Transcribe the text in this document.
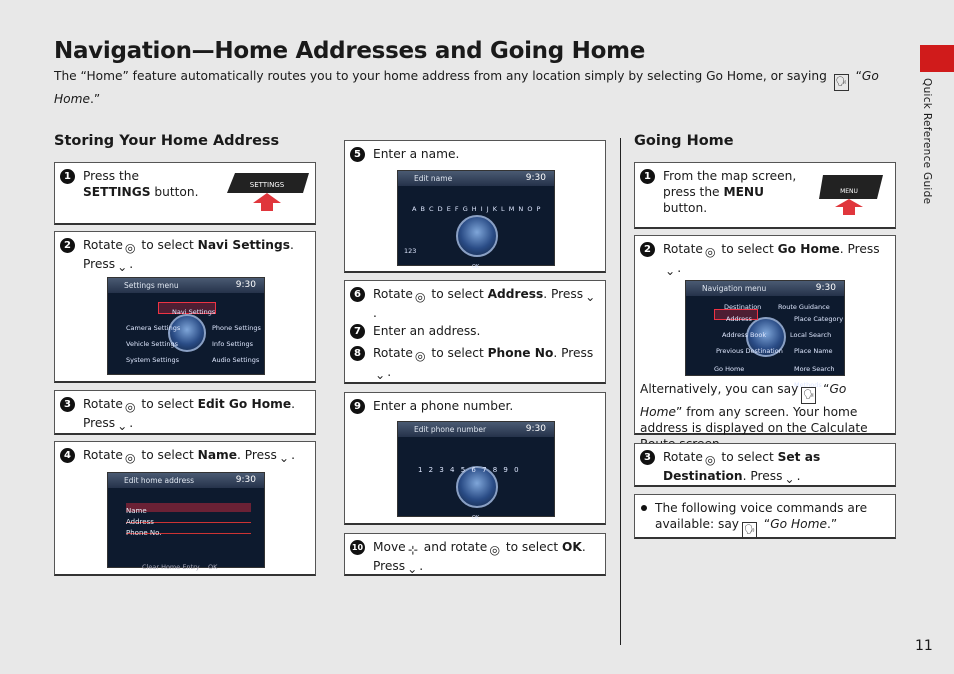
Quick Reference Guide
Navigation—Home Addresses and Going Home

The “Home” feature automatically routes you to your home address from any location simply by selecting Go Home, or saying 🗣 “Go Home.”

Storing Your Home Address
1 Press the SETTINGS button.	SETTINGS
2 Rotate ◎ to select Navi Settings. Press ⌄ .
Settings menu	9:30
Navi Settings
Camera Settings	Phone Settings
Vehicle Settings	Info Settings
System Settings	Audio Settings
3 Rotate ◎ to select Edit Go Home. Press ⌄ .
4 Rotate ◎ to select Name. Press ⌄ .
Edit home address	9:30
Name
Address
Phone No.
Clear Home Entry OK
5 Enter a name.
Edit name	9:30
A B C D E F G H I J K L M N O P
123
OK
6 Rotate ◎ to select Address. Press ⌄.
7 Enter an address.
8 Rotate ◎ to select Phone No. Press⌄ .
9 Enter a phone number.
Edit phone number	9:30
1 2 3 4 5 6 7 8 9 0
OK
10 Move ⊹ and rotate ◎ to select OK. Press ⌄ .
Going Home
1 From the map screen, press the MENU button.
MENU
2 Rotate ◎ to select Go Home. Press⌄ .
Navigation menu	9:30
Destination	Route Guidance
Address	Place Category
Address Book	Local Search
Previous Destination Place Name
Go Home	More Search Methods
Alternatively, you can say 🗣 “Go Home” from any screen. Your home address is displayed on the Calculate
3 Rotate ◎ to select Set as Destination. Press ⌄ .
The following voice commands are available: say 🗣 “Go Home.”
11
